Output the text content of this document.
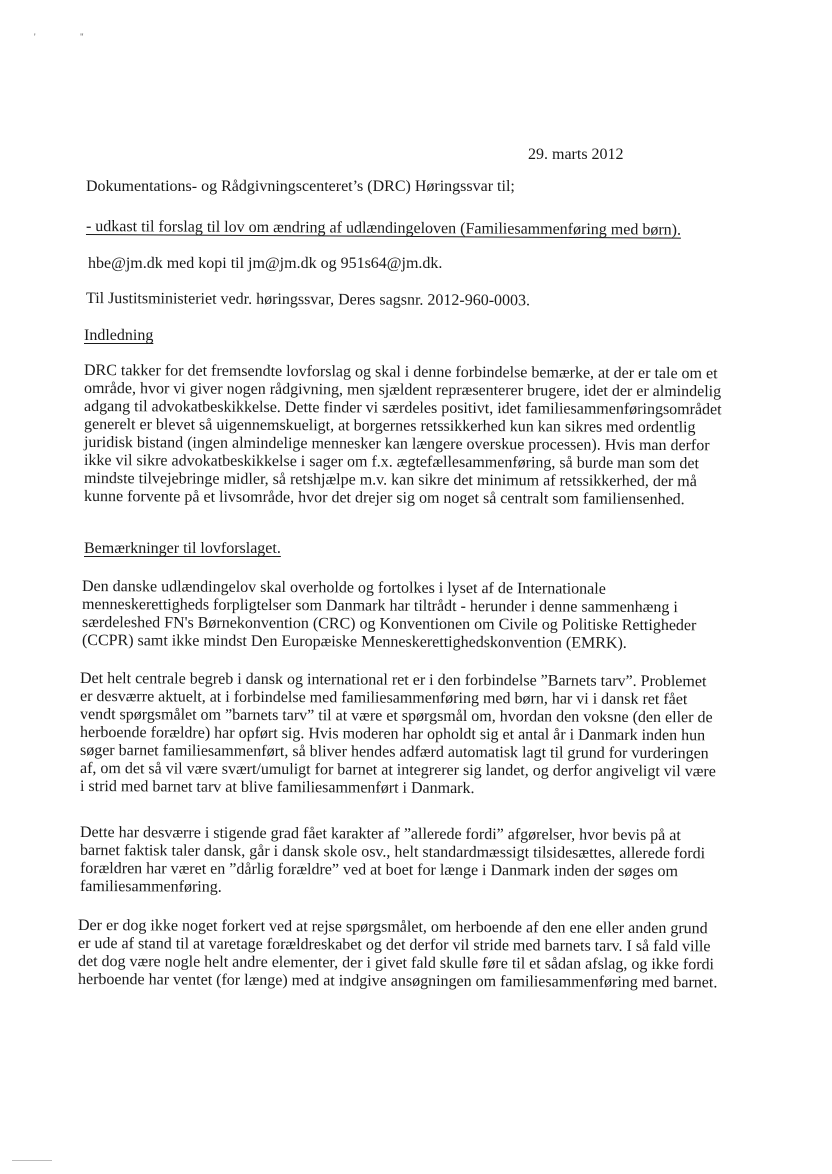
'	"
29. marts 2012
Dokumentations- og Rådgivningscenteret’s (DRC) Høringssvar til;
- udkast til forslag til lov om ændring af udlændingeloven (Familiesammenføring med børn).
hbe@jm.dk med kopi til jm@jm.dk og 951s64@jm.dk.
Til Justitsministeriet vedr. høringssvar, Deres sagsnr. 2012-960-0003.
Indledning
DRC takker for det fremsendte lovforslag og skal i denne forbindelse bemærke, at der er tale om et
område, hvor vi giver nogen rådgivning, men sjældent repræsenterer brugere, idet der er almindelig
adgang til advokatbeskikkelse. Dette finder vi særdeles positivt, idet familiesammenføringsområdet
generelt er blevet så uigennemskueligt, at borgernes retssikkerhed kun kan sikres med ordentlig
juridisk bistand (ingen almindelige mennesker kan længere overskue processen). Hvis man derfor
ikke vil sikre advokatbeskikkelse i sager om f.x. ægtefællesammenføring, så burde man som det
mindste tilvejebringe midler, så retshjælpe m.v. kan sikre det minimum af retssikkerhed, der må
kunne forvente på et livsområde, hvor det drejer sig om noget så centralt som familiensenhed.
Bemærkninger til lovforslaget.
Den danske udlændingelov skal overholde og fortolkes i lyset af de Internationale
menneskerettigheds forpligtelser som Danmark har tiltrådt - herunder i denne sammenhæng i
særdeleshed FN's Børnekonvention (CRC) og Konventionen om Civile og Politiske Rettigheder
(CCPR) samt ikke mindst Den Europæiske Menneskerettighedskonvention (EMRK).
Det helt centrale begreb i dansk og international ret er i den forbindelse ”Barnets tarv”. Problemet
er desværre aktuelt, at i forbindelse med familiesammenføring med børn, har vi i dansk ret fået
vendt spørgsmålet om ”barnets tarv” til at være et spørgsmål om, hvordan den voksne (den eller de
herboende forældre) har opført sig. Hvis moderen har opholdt sig et antal år i Danmark inden hun
søger barnet familiesammenført, så bliver hendes adfærd automatisk lagt til grund for vurderingen
af, om det så vil være svært/umuligt for barnet at integrerer sig landet, og derfor angiveligt vil være
i strid med barnet tarv at blive familiesammenført i Danmark.
Dette har desværre i stigende grad fået karakter af ”allerede fordi” afgørelser, hvor bevis på at
barnet faktisk taler dansk, går i dansk skole osv., helt standardmæssigt tilsidesættes, allerede fordi
forældren har været en ”dårlig forældre” ved at boet for længe i Danmark inden der søges om
familiesammenføring.
Der er dog ikke noget forkert ved at rejse spørgsmålet, om herboende af den ene eller anden grund
er ude af stand til at varetage forældreskabet og det derfor vil stride med barnets tarv. I så fald ville
det dog være nogle helt andre elementer, der i givet fald skulle føre til et sådan afslag, og ikke fordi
herboende har ventet (for længe) med at indgive ansøgningen om familiesammenføring med barnet.
